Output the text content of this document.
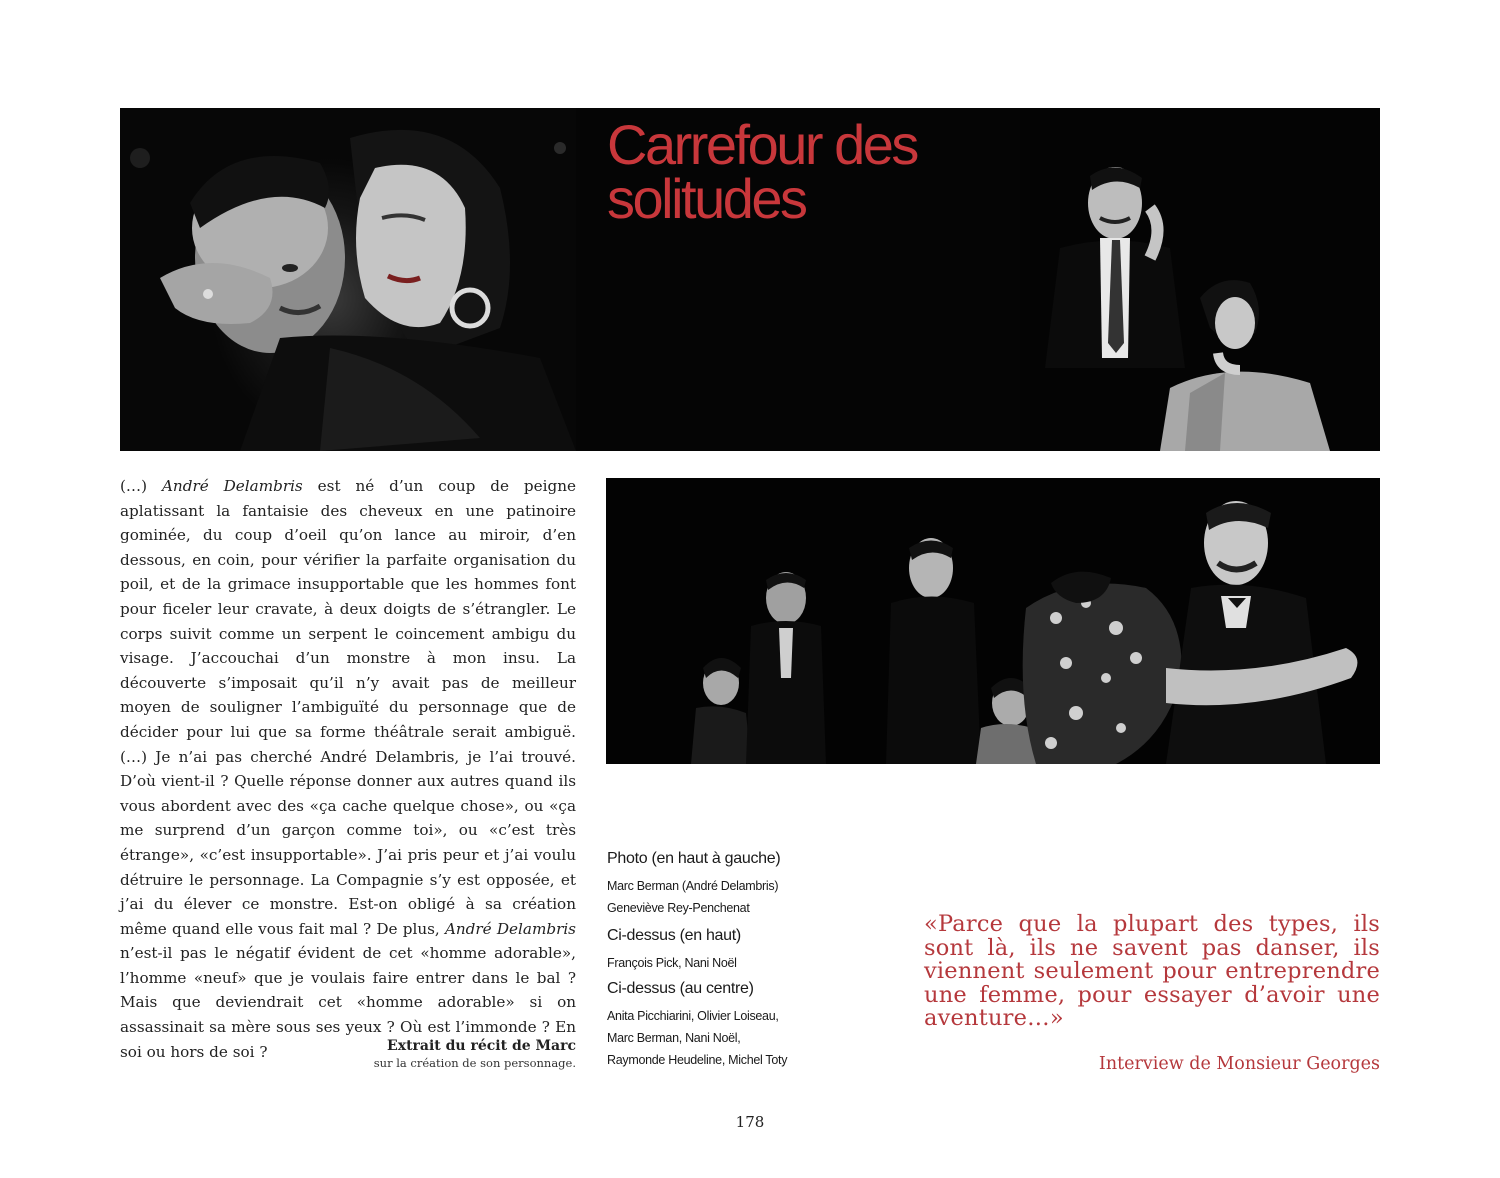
Carrefour des
solitudes

(…) André Delambris est né d’un coup de peigne aplatissant la fantaisie des cheveux en une patinoire gominée, du coup d’oeil qu’on lance au miroir, d’en dessous, en coin, pour vérifier la parfaite organisation du poil, et de la grimace insupportable que les hommes font pour ficeler leur cravate, à deux doigts de s’étrangler. Le corps suivit comme un serpent le coincement ambigu du visage. J’accouchai d’un monstre à mon insu. La découverte s’imposait qu’il n’y avait pas de meilleur moyen de souligner l’ambiguïté du personnage que de décider pour lui que sa forme théâtrale serait ambiguë. (…) Je n’ai pas cherché André Delambris, je l’ai trouvé. D’où vient-il ? Quelle réponse donner aux autres quand ils vous abordent avec des «ça cache quelque chose», ou «ça me surprend d’un garçon comme toi», ou «c’est très étrange», «c’est insupportable». J’ai pris peur et j’ai voulu détruire le personnage. La Compagnie s’y est opposée, et j’ai du élever ce monstre. Est-on obligé à sa création même quand elle vous fait mal ? De plus, André Delambris n’est-il pas le négatif évident de cet «homme adorable», l’homme «neuf» que je voulais faire entrer dans le bal ? Mais que deviendrait cet «homme adorable» si on assassinait sa mère sous ses yeux ? Où est l’immonde ? En soi ou hors de soi ?	Extrait du récit de Marc
sur la création de son personnage.
Photo (en haut à gauche)
Marc Berman (André Delambris)
Geneviève Rey-Penchenat
Ci-dessus (en haut)
François Pick, Nani Noël
Ci-dessus (au centre)
Anita Picchiarini, Olivier Loiseau,
Marc Berman, Nani Noël,
Raymonde Heudeline, Michel Toty

«Parce que la plupart des types, ils sont là, ils ne savent pas danser, ils viennent seulement pour entreprendre une femme, pour essayer d’avoir une aventure…»

Interview de Monsieur Georges
178
